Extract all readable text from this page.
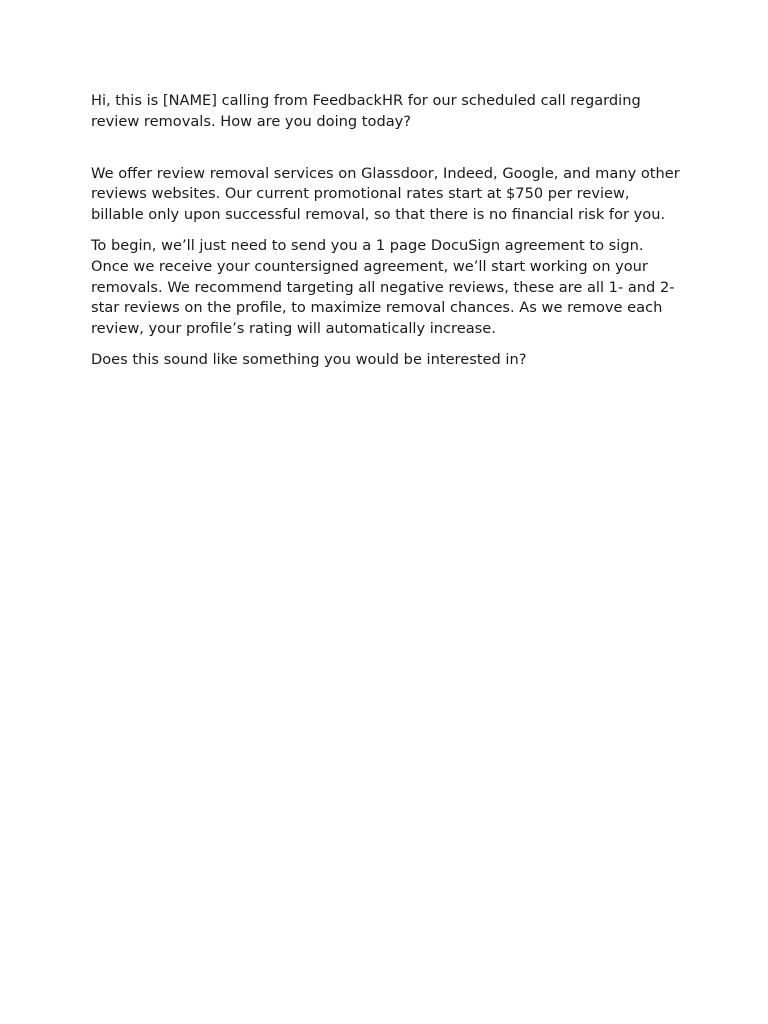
Hi, this is [NAME] calling from FeedbackHR for our scheduled call regarding review removals. How are you doing today?

We offer review removal services on Glassdoor, Indeed, Google, and many other reviews websites. Our current promotional rates start at $750 per review, billable only upon successful removal, so that there is no financial risk for you.

To begin, we’ll just need to send you a 1 page DocuSign agreement to sign. Once we receive your countersigned agreement, we’ll start working on your removals. We recommend targeting all negative reviews, these are all 1- and 2-star reviews on the profile, to maximize removal chances. As we remove each review, your profile’s rating will automatically increase.

Does this sound like something you would be interested in?
